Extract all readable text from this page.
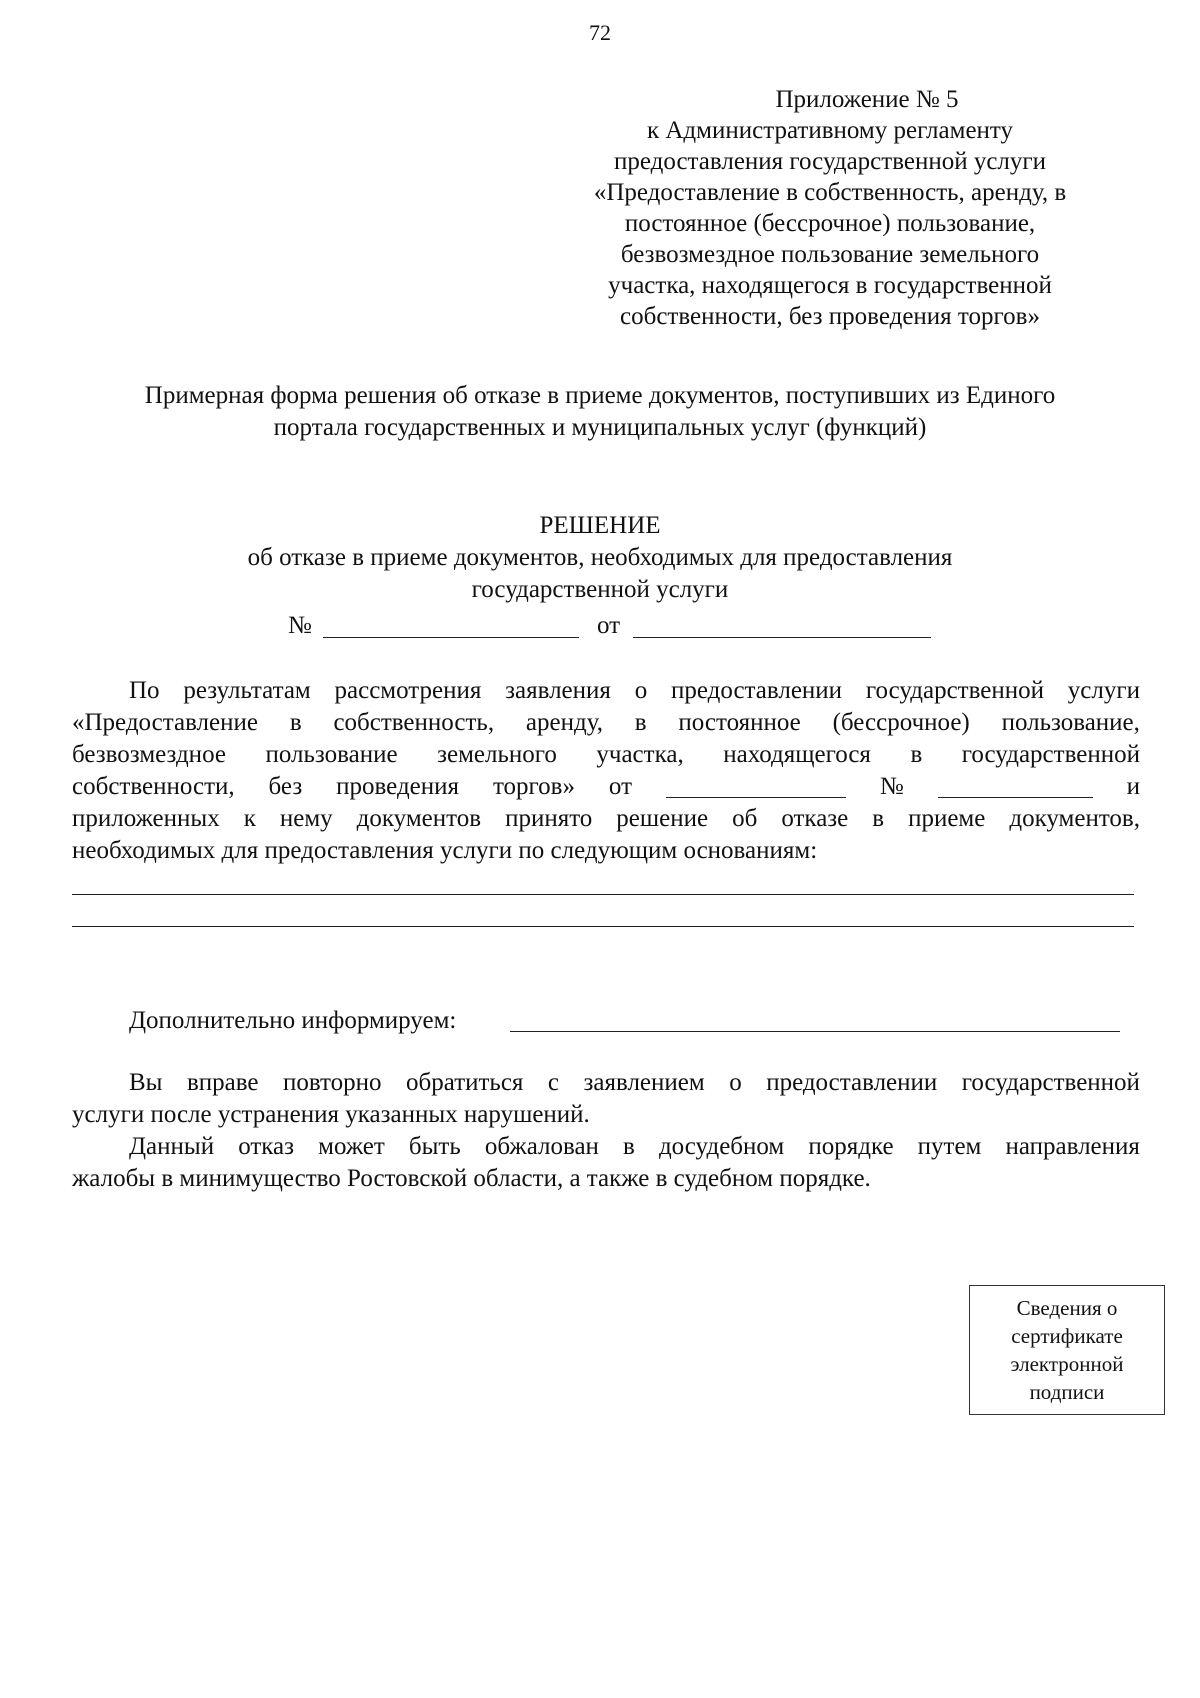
72
Приложение № 5
к Административному регламенту
предоставления государственной услуги
«Предоставление в собственность, аренду, в
постоянное (бессрочное) пользование,
безвозмездное пользование земельного
участка, находящегося в государственной
собственности, без проведения торгов»
Примерная форма решения об отказе в приеме документов, поступивших из Единого
портала государственных и муниципальных услуг (функций)
РЕШЕНИЕ
об отказе в приеме документов, необходимых для предоставления
государственной услуги
№	от
По результатам рассмотрения заявления о предоставлении государственной услуги
«Предоставление в собственность, аренду, в постоянное (бессрочное) пользование,
безвозмездное пользование земельного участка, находящегося в государственной
собственности, без проведения торгов» от	№	и
приложенных к нему документов принято решение об отказе в приеме документов,
необходимых для предоставления услуги по следующим основаниям:
Дополнительно информируем:
Вы вправе повторно обратиться с заявлением о предоставлении государственной
услуги после устранения указанных нарушений.
Данный отказ может быть обжалован в досудебном порядке путем направления
жалобы в минимущество Ростовской области, а также в судебном порядке.
Сведения о
сертификате
электронной
подписи
